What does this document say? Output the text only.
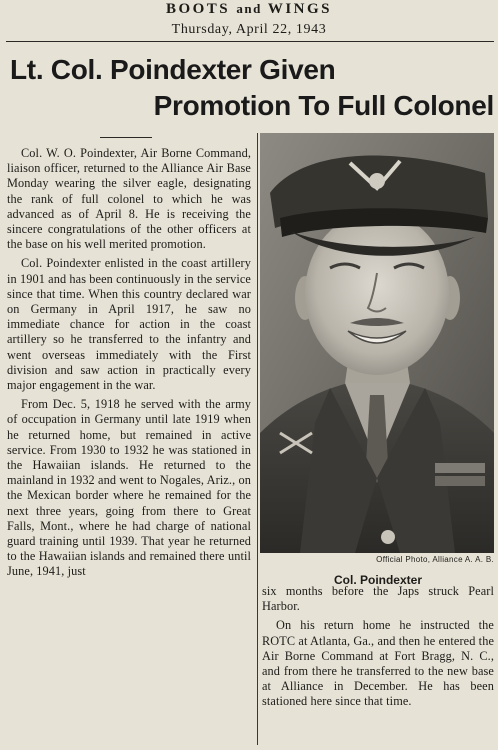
BOOTS and WINGS
Thursday, April 22, 1943
Lt. Col. Poindexter Given
Promotion To Full Colonel

Col. W. O. Poindexter, Air Borne Command, liaison officer, returned to the Alliance Air Base Monday wearing the silver eagle, designating the rank of full colonel to which he was advanced as of April 8. He is receiving the sincere congratulations of the other officers at the base on his well merited promotion.

Col. Poindexter enlisted in the coast artillery in 1901 and has been continuously in the service since that time. When this country declared war on Germany in April 1917, he saw no immediate chance for action in the coast artillery so he transferred to the infantry and went overseas immediately with the First division and saw action in practically every major engagement in the war.

From Dec. 5, 1918 he served with the army of occupation in Germany until late 1919 when he returned home, but remained in active service. From 1930 to 1932 he was stationed in the Hawaiian islands. He returned to the mainland in 1932 and went to Nogales, Ariz., on the Mexican border where he remained for the next three years, going from there to Great Falls, Mont., where he had charge of national guard training until 1939. That year he returned to the Hawaiian islands and remained there until June, 1941, just

Official Photo, Alliance A. A. B.
Col. Poindexter

six months before the Japs struck Pearl Harbor.

On his return home he instructed the ROTC at Atlanta, Ga., and then he entered the Air Borne Command at Fort Bragg, N. C., and from there he transferred to the new base at Alliance in December. He has been stationed here since that time.
